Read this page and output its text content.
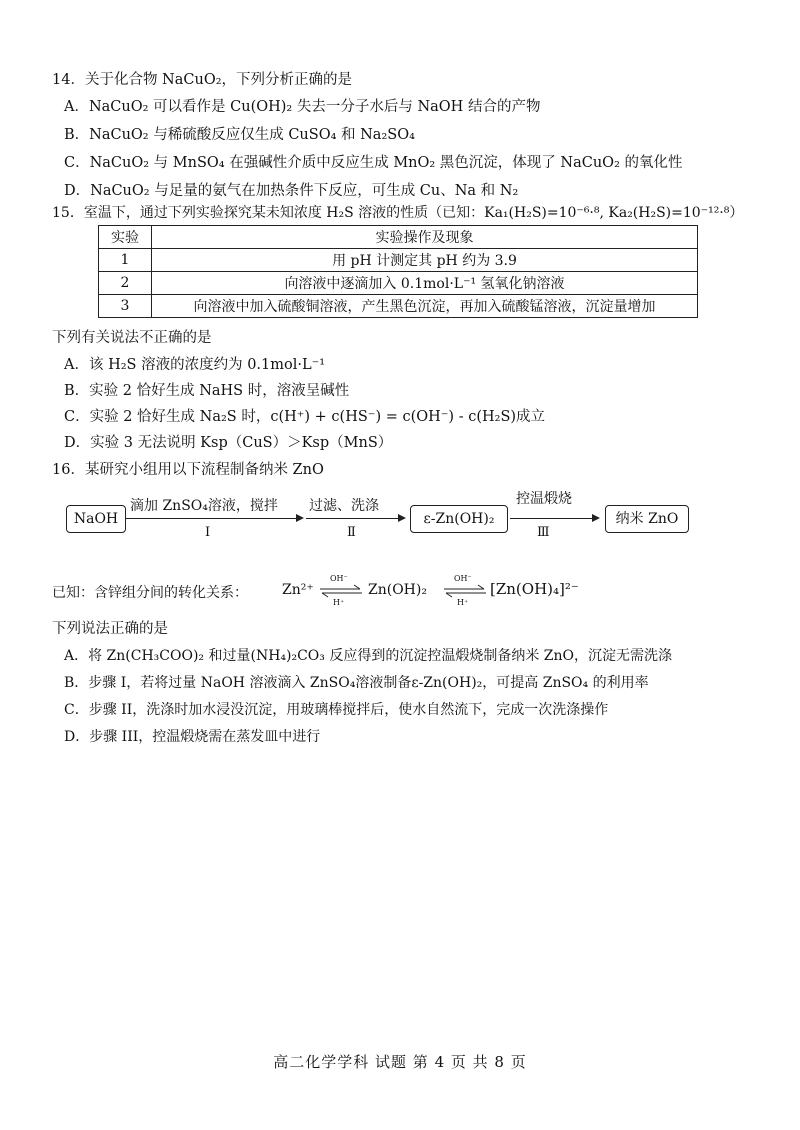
14．关于化合物 NaCuO₂，下列分析正确的是
A．NaCuO₂ 可以看作是 Cu(OH)₂ 失去一分子水后与 NaOH 结合的产物
B．NaCuO₂ 与稀硫酸反应仅生成 CuSO₄ 和 Na₂SO₄
C．NaCuO₂ 与 MnSO₄ 在强碱性介质中反应生成 MnO₂ 黑色沉淀，体现了 NaCuO₂ 的氧化性
D．NaCuO₂ 与足量的氨气在加热条件下反应，可生成 Cu、Na 和 N₂
15．室温下，通过下列实验探究某未知浓度 H₂S 溶液的性质（已知：Ka₁(H₂S)=10⁻⁶·⁸, Ka₂(H₂S)=10⁻¹²·⁸）
实验	实验操作及现象
1	用 pH 计测定其 pH 约为 3.9
2	向溶液中逐滴加入 0.1mol·L⁻¹ 氢氧化钠溶液
3	向溶液中加入硫酸铜溶液，产生黑色沉淀，再加入硫酸锰溶液，沉淀量增加
下列有关说法不正确的是
A．该 H₂S 溶液的浓度约为 0.1mol·L⁻¹
B．实验 2 恰好生成 NaHS 时，溶液呈碱性
C．实验 2 恰好生成 Na₂S 时，c(H⁺) + c(HS⁻) = c(OH⁻) - c(H₂S)成立
D．实验 3 无法说明 Ksp（CuS）＞Ksp（MnS）
16．某研究小组用以下流程制备纳米 ZnO
NaOH
滴加 ZnSO₄溶液，搅拌
Ⅰ
过滤、洗涤
Ⅱ
ε-Zn(OH)₂
控温煅烧
Ⅲ
纳米 ZnO
已知：含锌组分间的转化关系： Zn²⁺
OH⁻
H⁺
⇌ Zn(OH)₂
OH⁻
H⁺
⇌ [Zn(OH)₄]²⁻
下列说法正确的是
A．将 Zn(CH₃COO)₂ 和过量(NH₄)₂CO₃ 反应得到的沉淀控温煅烧制备纳米 ZnO，沉淀无需洗涤
B．步骤 I，若将过量 NaOH 溶液滴入 ZnSO₄溶液制备ε-Zn(OH)₂，可提高 ZnSO₄ 的利用率
C．步骤 II，洗涤时加水浸没沉淀，用玻璃棒搅拌后，使水自然流下，完成一次洗涤操作
D．步骤 III，控温煅烧需在蒸发皿中进行
高二化学学科 试题 第 4 页 共 8 页
